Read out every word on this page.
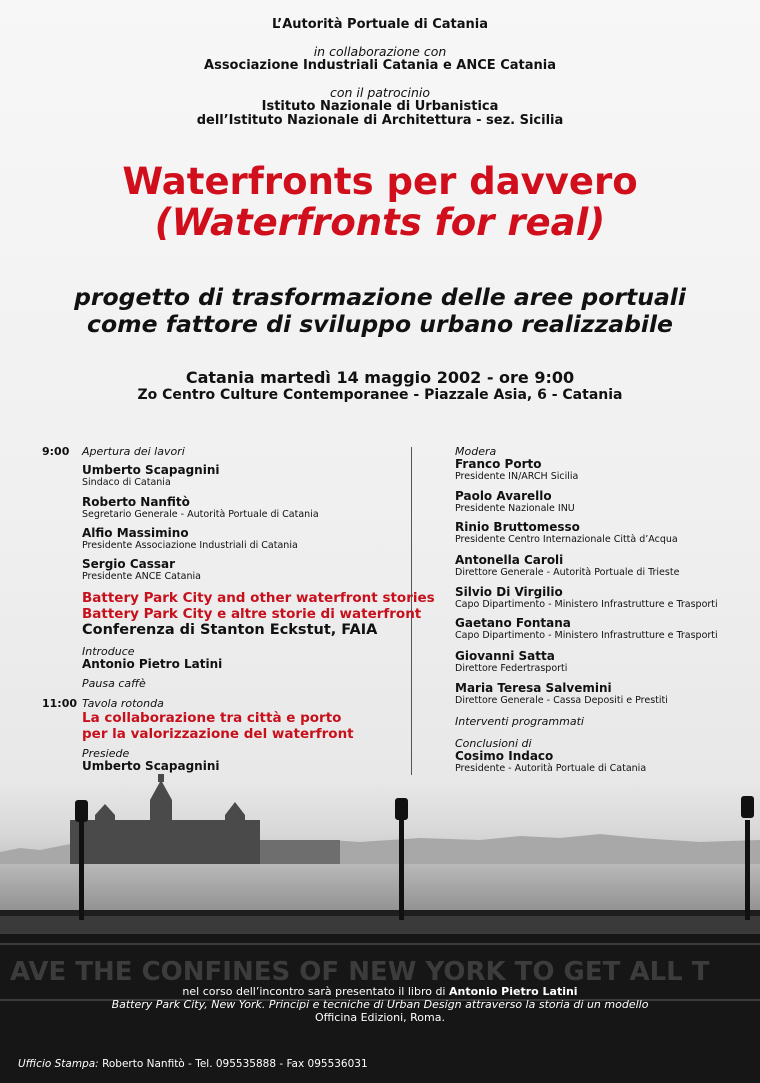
L’Autorità Portuale di Catania
in collaborazione con
Associazione Industriali Catania e ANCE Catania
con il patrocinio
Istituto Nazionale di Urbanistica
dell’Istituto Nazionale di Architettura - sez. Sicilia
Waterfronts per davvero
(Waterfronts for real)
progetto di trasformazione delle aree portuali
come fattore di sviluppo urbano realizzabile
Catania martedì 14 maggio 2002 - ore 9:00
Zo Centro Culture Contemporanee - Piazzale Asia, 6 - Catania
9:00 Apertura dei lavori
Umberto Scapagnini
Sindaco di Catania
Roberto Nanfitò
Segretario Generale - Autorità Portuale di Catania
Alfio Massimino
Presidente Associazione Industriali di Catania
Sergio Cassar
Presidente ANCE Catania
Battery Park City and other waterfront stories
Battery Park City e altre storie di waterfront
Conferenza di Stanton Eckstut, FAIA
Introduce
Antonio Pietro Latini
Pausa caffè
11:00 Tavola rotonda
La collaborazione tra città e porto
per la valorizzazione del waterfront
Presiede
Umberto Scapagnini
Modera
Franco Porto
Presidente IN/ARCH Sicilia
Paolo Avarello
Presidente Nazionale INU
Rinio Bruttomesso
Presidente Centro Internazionale Città d’Acqua
Antonella Caroli
Direttore Generale - Autorità Portuale di Trieste
Silvio Di Virgilio
Capo Dipartimento - Ministero Infrastrutture e Trasporti
Gaetano Fontana
Capo Dipartimento - Ministero Infrastrutture e Trasporti
Giovanni Satta
Direttore Federtrasporti
Maria Teresa Salvemini
Direttore Generale - Cassa Depositi e Prestiti
Interventi programmati
Conclusioni di
Cosimo Indaco
Presidente - Autorità Portuale di Catania
AVE THE CONFINES OF NEW YORK TO GET ALL T
nel corso dell’incontro sarà presentato il libro di Antonio Pietro Latini
Battery Park City, New York. Principi e tecniche di Urban Design attraverso la storia di un modello
Officina Edizioni, Roma.
Ufficio Stampa: Roberto Nanfitò - Tel. 095535888 - Fax 095536031
